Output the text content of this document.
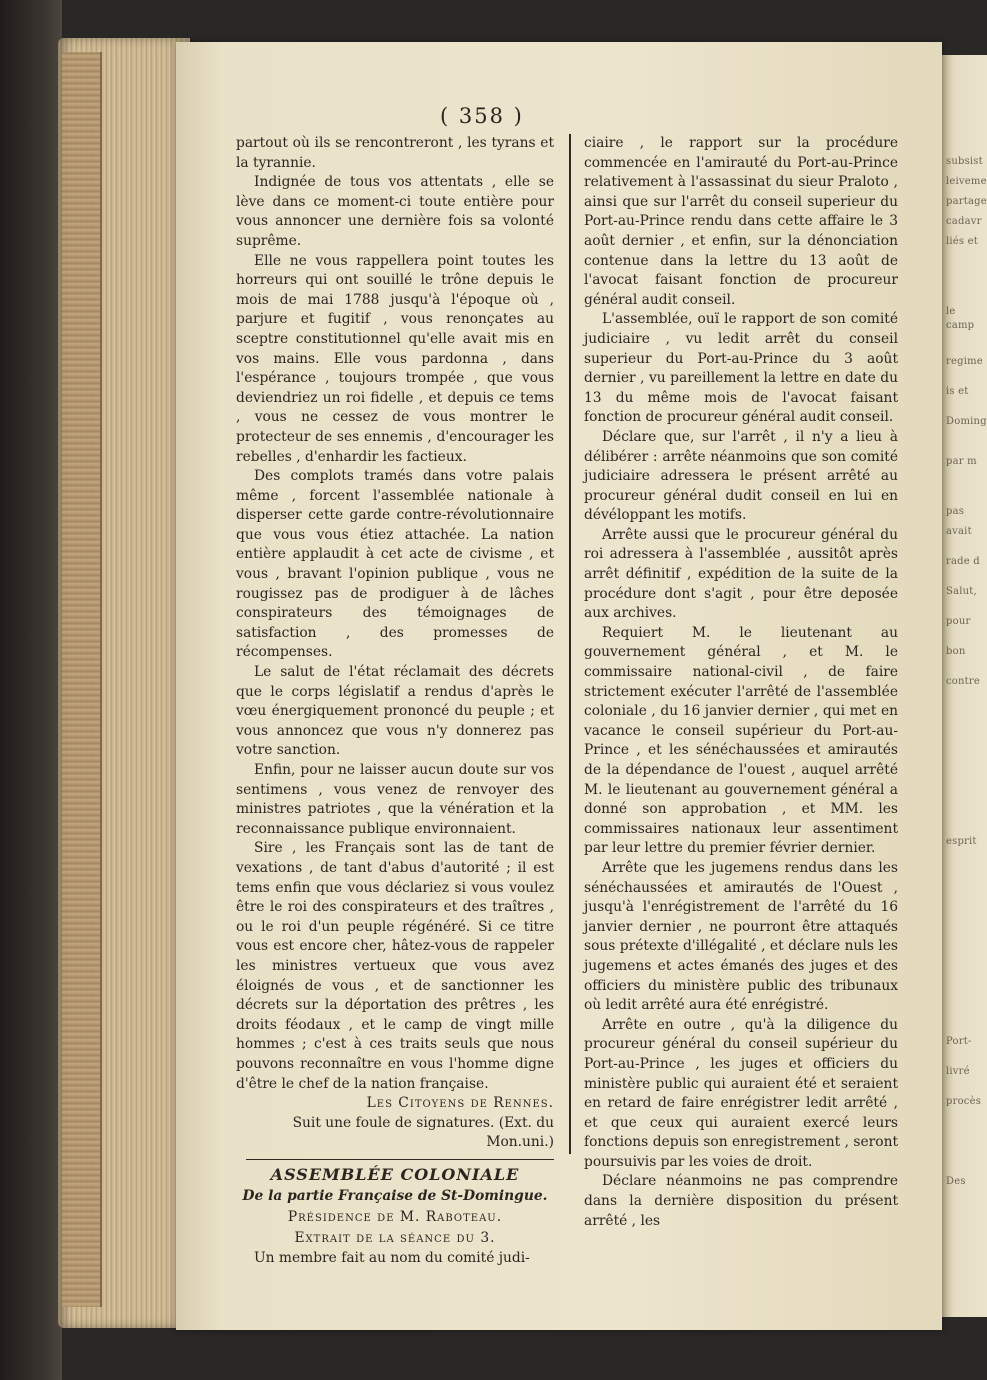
subsist
leiveme
partage
cadavr
liés et
le camp
regime
is et
Doming
par m
pas
avait
rade d
Salut,
pour
bon
contre
esprit
Port-
livré
procès
Des
( 358 )

partout où ils se rencontreront , les tyrans et la tyrannie.

Indignée de tous vos attentats , elle se lève dans ce moment-ci toute entière pour vous annoncer une dernière fois sa volonté suprême.

Elle ne vous rappellera point toutes les horreurs qui ont souillé le trône depuis le mois de mai 1788 jusqu'à l'époque où , parjure et fugitif , vous renonçates au sceptre constitutionnel qu'elle avait mis en vos mains. Elle vous pardonna , dans l'espérance , toujours trompée , que vous deviendriez un roi fidelle , et depuis ce tems , vous ne cessez de vous montrer le protecteur de ses ennemis , d'encourager les rebelles , d'enhardir les factieux.

Des complots tramés dans votre palais même , forcent l'assemblée nationale à disperser cette garde contre-révolutionnaire que vous vous étiez attachée. La nation entière applaudit à cet acte de civisme , et vous , bravant l'opinion publique , vous ne rougissez pas de prodiguer à de lâches conspirateurs des témoignages de satisfaction , des promesses de récompenses.

Le salut de l'état réclamait des décrets que le corps législatif a rendus d'après le vœu énergiquement prononcé du peuple ; et vous annoncez que vous n'y donnerez pas votre sanction.

Enfin, pour ne laisser aucun doute sur vos sentimens , vous venez de renvoyer des ministres patriotes , que la vénération et la reconnaissance publique environnaient.

Sire , les Français sont las de tant de vexations , de tant d'abus d'autorité ; il est tems enfin que vous déclariez si vous voulez être le roi des conspirateurs et des traîtres , ou le roi d'un peuple régénéré. Si ce titre vous est encore cher, hâtez-vous de rappeler les ministres vertueux que vous avez éloignés de vous , et de sanctionner les décrets sur la déportation des prêtres , les droits féodaux , et le camp de vingt mille hommes ; c'est à ces traits seuls que nous pouvons reconnaître en vous l'homme digne d'être le chef de la nation française.

Les Citoyens de Rennes.

Suit une foule de signatures. (Ext. du Mon.uni.)

ASSEMBLÉE COLONIALE

De la partie Française de St-Domingue.

Présidence de M. Raboteau.

Extrait de la séance du 3.

Un membre fait au nom du comité judi-

ciaire , le rapport sur la procédure commencée en l'amirauté du Port-au-Prince relativement à l'assassinat du sieur Praloto , ainsi que sur l'arrêt du conseil superieur du Port-au-Prince rendu dans cette affaire le 3 août dernier , et enfin, sur la dénonciation contenue dans la lettre du 13 août de l'avocat faisant fonction de procureur général audit conseil.

L'assemblée, ouï le rapport de son comité judiciaire , vu ledit arrêt du conseil superieur du Port-au-Prince du 3 août dernier , vu pareillement la lettre en date du 13 du même mois de l'avocat faisant fonction de procureur général audit conseil.

Déclare que, sur l'arrêt , il n'y a lieu à délibérer : arrête néanmoins que son comité judiciaire adressera le présent arrêté au procureur général dudit conseil en lui en dévéloppant les motifs.

Arrête aussi que le procureur général du roi adressera à l'assemblée , aussitôt après arrêt définitif , expédition de la suite de la procédure dont s'agit , pour être deposée aux archives.

Requiert M. le lieutenant au gouvernement général , et M. le commissaire national-civil , de faire strictement exécuter l'arrêté de l'assemblée coloniale , du 16 janvier dernier , qui met en vacance le conseil supérieur du Port-au-Prince , et les sénéchaussées et amirautés de la dépendance de l'ouest , auquel arrêté M. le lieutenant au gouvernement général a donné son approbation , et MM. les commissaires nationaux leur assentiment par leur lettre du premier février dernier.

Arrête que les jugemens rendus dans les sénéchaussées et amirautés de l'Ouest , jusqu'à l'enrégistrement de l'arrêté du 16 janvier dernier , ne pourront être attaqués sous prétexte d'illégalité , et déclare nuls les jugemens et actes émanés des juges et des officiers du ministère public des tribunaux où ledit arrêté aura été enrégistré.

Arrête en outre , qu'à la diligence du procureur général du conseil supérieur du Port-au-Prince , les juges et officiers du ministère public qui auraient été et seraient en retard de faire enrégistrer ledit arrêté , et que ceux qui auraient exercé leurs fonctions depuis son enregistrement , seront poursuivis par les voies de droit.

Déclare néanmoins ne pas comprendre dans la dernière disposition du présent arrêté , les
